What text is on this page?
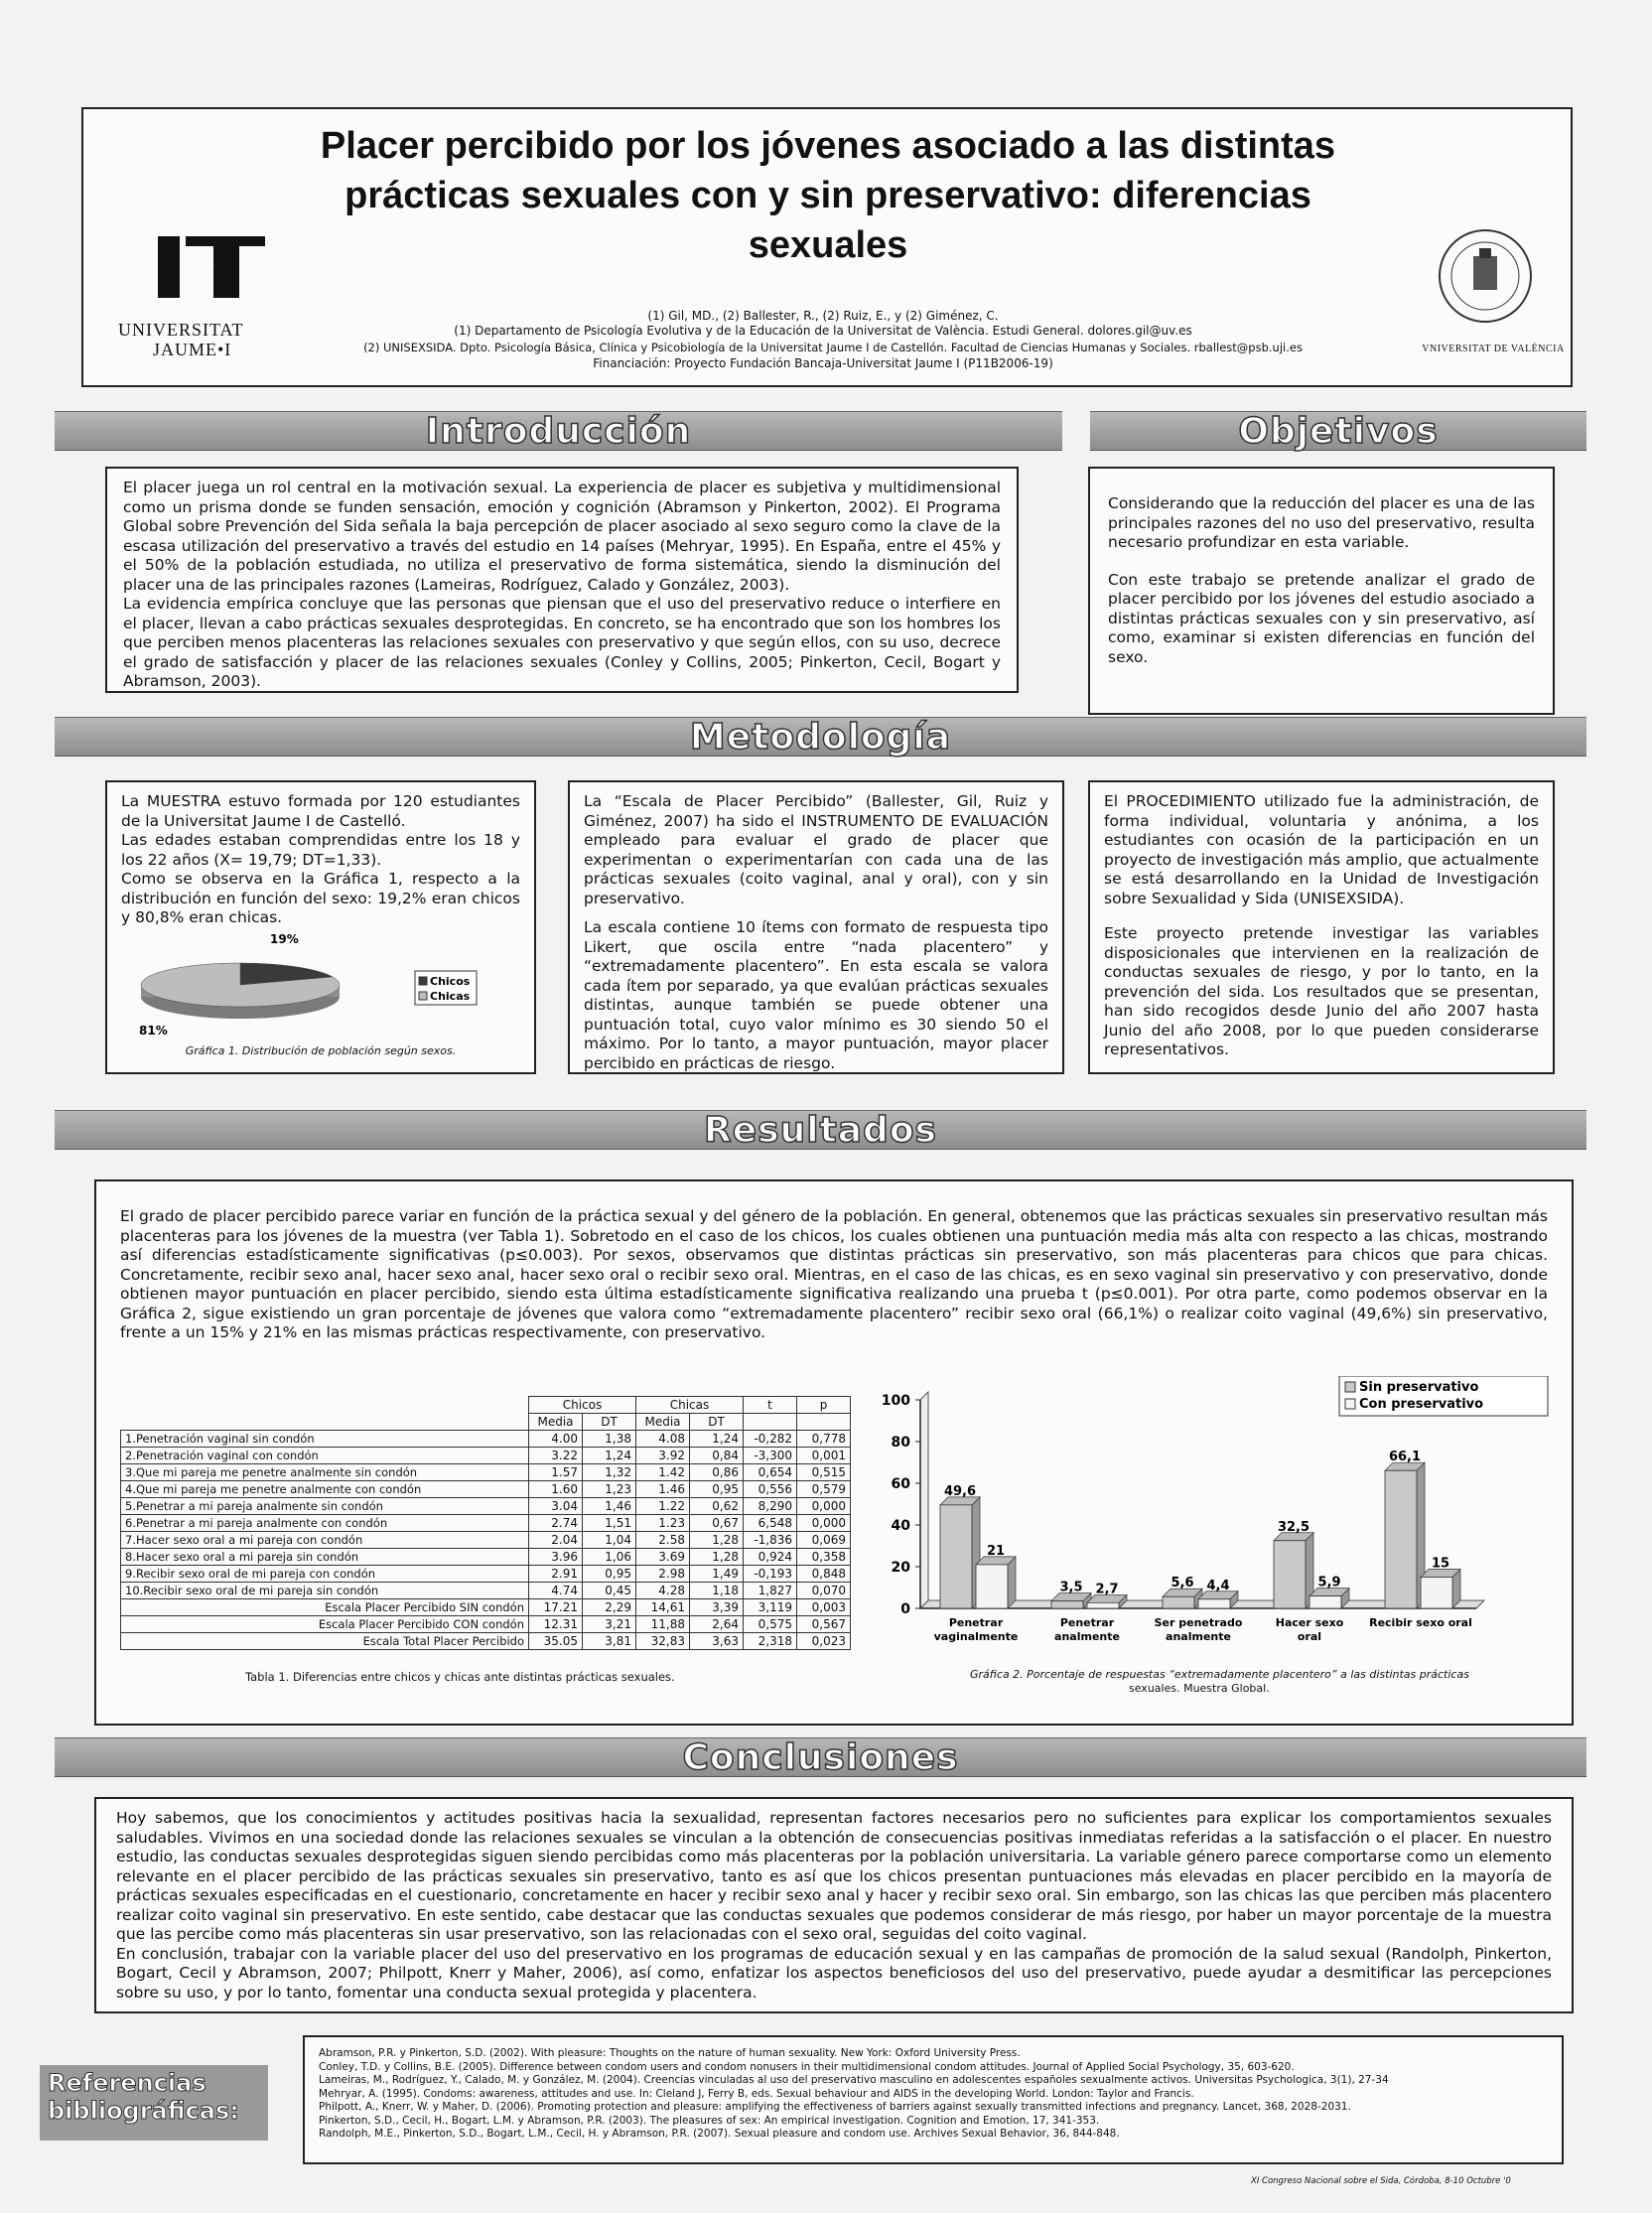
UNIVERSITAT
JAUME•I
Placer percibido por los jóvenes asociado a las distintas
prácticas sexuales con y sin preservativo: diferencias
sexuales
(1) Gil, MD., (2) Ballester, R., (2) Ruiz, E., y (2) Giménez, C.
(1) Departamento de Psicología Evolutiva y de la Educación de la Universitat de València. Estudi General. dolores.gil@uv.es
(2) UNISEXSIDA. Dpto. Psicología Básica, Clínica y Psicobiología de la Universitat Jaume I de Castellón. Facultad de Ciencias Humanas y Sociales. rballest@psb.uji.es
Financiación: Proyecto Fundación Bancaja-Universitat Jaume I (P11B2006-19)
VNIVERSITAT DE VALÈNCIA
Introducción	Objetivos

El placer juega un rol central en la motivación sexual. La experiencia de placer es subjetiva y multidimensional como un prisma donde se funden sensación, emoción y cognición (Abramson y Pinkerton, 2002). El Programa Global sobre Prevención del Sida señala la baja percepción de placer asociado al sexo seguro como la clave de la escasa utilización del preservativo a través del estudio en 14 países (Mehryar, 1995). En España, entre el 45% y el 50% de la población estudiada, no utiliza el preservativo de forma sistemática, siendo la disminución del placer una de las principales razones (Lameiras, Rodríguez, Calado y González, 2003).

La evidencia empírica concluye que las personas que piensan que el uso del preservativo reduce o interfiere en el placer, llevan a cabo prácticas sexuales desprotegidas. En concreto, se ha encontrado que son los hombres los que perciben menos placenteras las relaciones sexuales con preservativo y que según ellos, con su uso, decrece el grado de satisfacción y placer de las relaciones sexuales (Conley y Collins, 2005; Pinkerton, Cecil, Bogart y Abramson, 2003).

Considerando que la reducción del placer es una de las principales razones del no uso del preservativo, resulta necesario profundizar en esta variable.

Con este trabajo se pretende analizar el grado de placer percibido por los jóvenes del estudio asociado a distintas prácticas sexuales con y sin preservativo, así como, examinar si existen diferencias en función del sexo.

Metodología

La MUESTRA estuvo formada por 120 estudiantes de la Universitat Jaume I de Castelló.

Las edades estaban comprendidas entre los 18 y los 22 años (X= 19,79; DT=1,33).

Como se observa en la Gráfica 1, respecto a la distribución en función del sexo: 19,2% eran chicos y 80,8% eran chicas.

19%
81%
Chicos
Chicas
Gráfica 1. Distribución de población según sexos.

La “Escala de Placer Percibido” (Ballester, Gil, Ruiz y Giménez, 2007) ha sido el INSTRUMENTO DE EVALUACIÓN empleado para evaluar el grado de placer que experimentan o experimentarían con cada una de las prácticas sexuales (coito vaginal, anal y oral), con y sin preservativo.

La escala contiene 10 ítems con formato de respuesta tipo Likert, que oscila entre “nada placentero” y “extremadamente placentero”. En esta escala se valora cada ítem por separado, ya que evalúan prácticas sexuales distintas, aunque también se puede obtener una puntuación total, cuyo valor mínimo es 30 siendo 50 el máximo. Por lo tanto, a mayor puntuación, mayor placer percibido en prácticas de riesgo.

El PROCEDIMIENTO utilizado fue la administración, de forma individual, voluntaria y anónima, a los estudiantes con ocasión de la participación en un proyecto de investigación más amplio, que actualmente se está desarrollando en la Unidad de Investigación sobre Sexualidad y Sida (UNISEXSIDA).

Este proyecto pretende investigar las variables disposicionales que intervienen en la realización de conductas sexuales de riesgo, y por lo tanto, en la prevención del sida. Los resultados que se presentan, han sido recogidos desde Junio del año 2007 hasta Junio del año 2008, por lo que pueden considerarse representativos.

Resultados

El grado de placer percibido parece variar en función de la práctica sexual y del género de la población. En general, obtenemos que las prácticas sexuales sin preservativo resultan más placenteras para los jóvenes de la muestra (ver Tabla 1). Sobretodo en el caso de los chicos, los cuales obtienen una puntuación media más alta con respecto a las chicas, mostrando así diferencias estadísticamente significativas (p≤0.003). Por sexos, observamos que distintas prácticas sin preservativo, son más placenteras para chicos que para chicas. Concretamente, recibir sexo anal, hacer sexo anal, hacer sexo oral o recibir sexo oral. Mientras, en el caso de las chicas, es en sexo vaginal sin preservativo y con preservativo, donde obtienen mayor puntuación en placer percibido, siendo esta última estadísticamente significativa realizando una prueba t (p≤0.001). Por otra parte, como podemos observar en la Gráfica 2, sigue existiendo un gran porcentaje de jóvenes que valora como “extremadamente placentero” recibir sexo oral (66,1%) o realizar coito vaginal (49,6%) sin preservativo, frente a un 15% y 21% en las mismas prácticas respectivamente, con preservativo.

	Chicos		Chicas		t	p
	Media	DT	Media	DT		
1.Penetración vaginal sin condón	4.00	1,38	4.08	1,24	-0,282	0,778
2.Penetración vaginal con condón	3.22	1,24	3.92	0,84	-3,300	0,001
3.Que mi pareja me penetre analmente sin condón	1.57	1,32	1.42	0,86	0,654	0,515
4.Que mi pareja me penetre analmente con condón	1.60	1,23	1.46	0,95	0,556	0,579
5.Penetrar a mi pareja analmente sin condón	3.04	1,46	1.22	0,62	8,290	0,000
6.Penetrar a mi pareja analmente con condón	2.74	1,51	1.23	0,67	6,548	0,000
7.Hacer sexo oral a mi pareja con condón	2.04	1,04	2.58	1,28	-1,836	0,069
8.Hacer sexo oral a mi pareja sin condón	3.96	1,06	3.69	1,28	0,924	0,358
9.Recibir sexo oral de mi pareja con condón	2.91	0,95	2.98	1,49	-0,193	0,848
10.Recibir sexo oral de mi pareja sin condón	4.74	0,45	4.28	1,18	1,827	0,070
Escala Placer Percibido SIN condón	17.21	2,29	14,61	3,39	3,119	0,003
Escala Placer Percibido CON condón	12.31	3,21	11,88	2,64	0,575	0,567
Escala Total Placer Percibido	35.05	3,81	32,83	3,63	2,318	0,023
Tabla 1. Diferencias entre chicos y chicas ante distintas prácticas sexuales.
0
20
40
60
80
100
49,6
21
Penetrar
vaginalmente
3,5 2,7
Penetrar
analmente
5,6 4,4
Ser penetrado
analmente
32,5
5,9
Hacer sexo
oral
66,1
15
Recibir sexo oral
Sin preservativo
Con preservativo
Gráfica 2. Porcentaje de respuestas “extremadamente placentero” a las distintas prácticas
sexuales. Muestra Global.
Conclusiones

Hoy sabemos, que los conocimientos y actitudes positivas hacia la sexualidad, representan factores necesarios pero no suficientes para explicar los comportamientos sexuales saludables. Vivimos en una sociedad donde las relaciones sexuales se vinculan a la obtención de consecuencias positivas inmediatas referidas a la satisfacción o el placer. En nuestro estudio, las conductas sexuales desprotegidas siguen siendo percibidas como más placenteras por la población universitaria. La variable género parece comportarse como un elemento relevante en el placer percibido de las prácticas sexuales sin preservativo, tanto es así que los chicos presentan puntuaciones más elevadas en placer percibido en la mayoría de prácticas sexuales especificadas en el cuestionario, concretamente en hacer y recibir sexo anal y hacer y recibir sexo oral. Sin embargo, son las chicas las que perciben más placentero realizar coito vaginal sin preservativo. En este sentido, cabe destacar que las conductas sexuales que podemos considerar de más riesgo, por haber un mayor porcentaje de la muestra que las percibe como más placenteras sin usar preservativo, son las relacionadas con el sexo oral, seguidas del coito vaginal.

En conclusión, trabajar con la variable placer del uso del preservativo en los programas de educación sexual y en las campañas de promoción de la salud sexual (Randolph, Pinkerton, Bogart, Cecil y Abramson, 2007; Philpott, Knerr y Maher, 2006), así como, enfatizar los aspectos beneficiosos del uso del preservativo, puede ayudar a desmitificar las percepciones sobre su uso, y por lo tanto, fomentar una conducta sexual protegida y placentera.

Referencias
bibliográficas:

Abramson, P.R. y Pinkerton, S.D. (2002). With pleasure: Thoughts on the nature of human sexuality. New York: Oxford University Press.

Conley, T.D. y Collins, B.E. (2005). Difference between condom users and condom nonusers in their multidimensional condom attitudes. Journal of Applied Social Psychology, 35, 603-620.

Lameiras, M., Rodríguez, Y., Calado, M. y González, M. (2004). Creencias vinculadas al uso del preservativo masculino en adolescentes españoles sexualmente activos. Universitas Psychologica, 3(1), 27-34

Mehryar, A. (1995). Condoms: awareness, attitudes and use. In: Cleland J, Ferry B, eds. Sexual behaviour and AIDS in the developing World. London: Taylor and Francis.

Philpott, A., Knerr, W. y Maher, D. (2006). Promoting protection and pleasure: amplifying the effectiveness of barriers against sexually transmitted infections and pregnancy. Lancet, 368, 2028-2031.

Pinkerton, S.D., Cecil, H., Bogart, L.M. y Abramson, P.R. (2003). The pleasures of sex: An empirical investigation. Cognition and Emotion, 17, 341-353.

Randolph, M.E., Pinkerton, S.D., Bogart, L.M., Cecil, H. y Abramson, P.R. (2007). Sexual pleasure and condom use. Archives Sexual Behavior, 36, 844-848.

XI Congreso Nacional sobre el Sida, Córdoba, 8-10 Octubre '0
